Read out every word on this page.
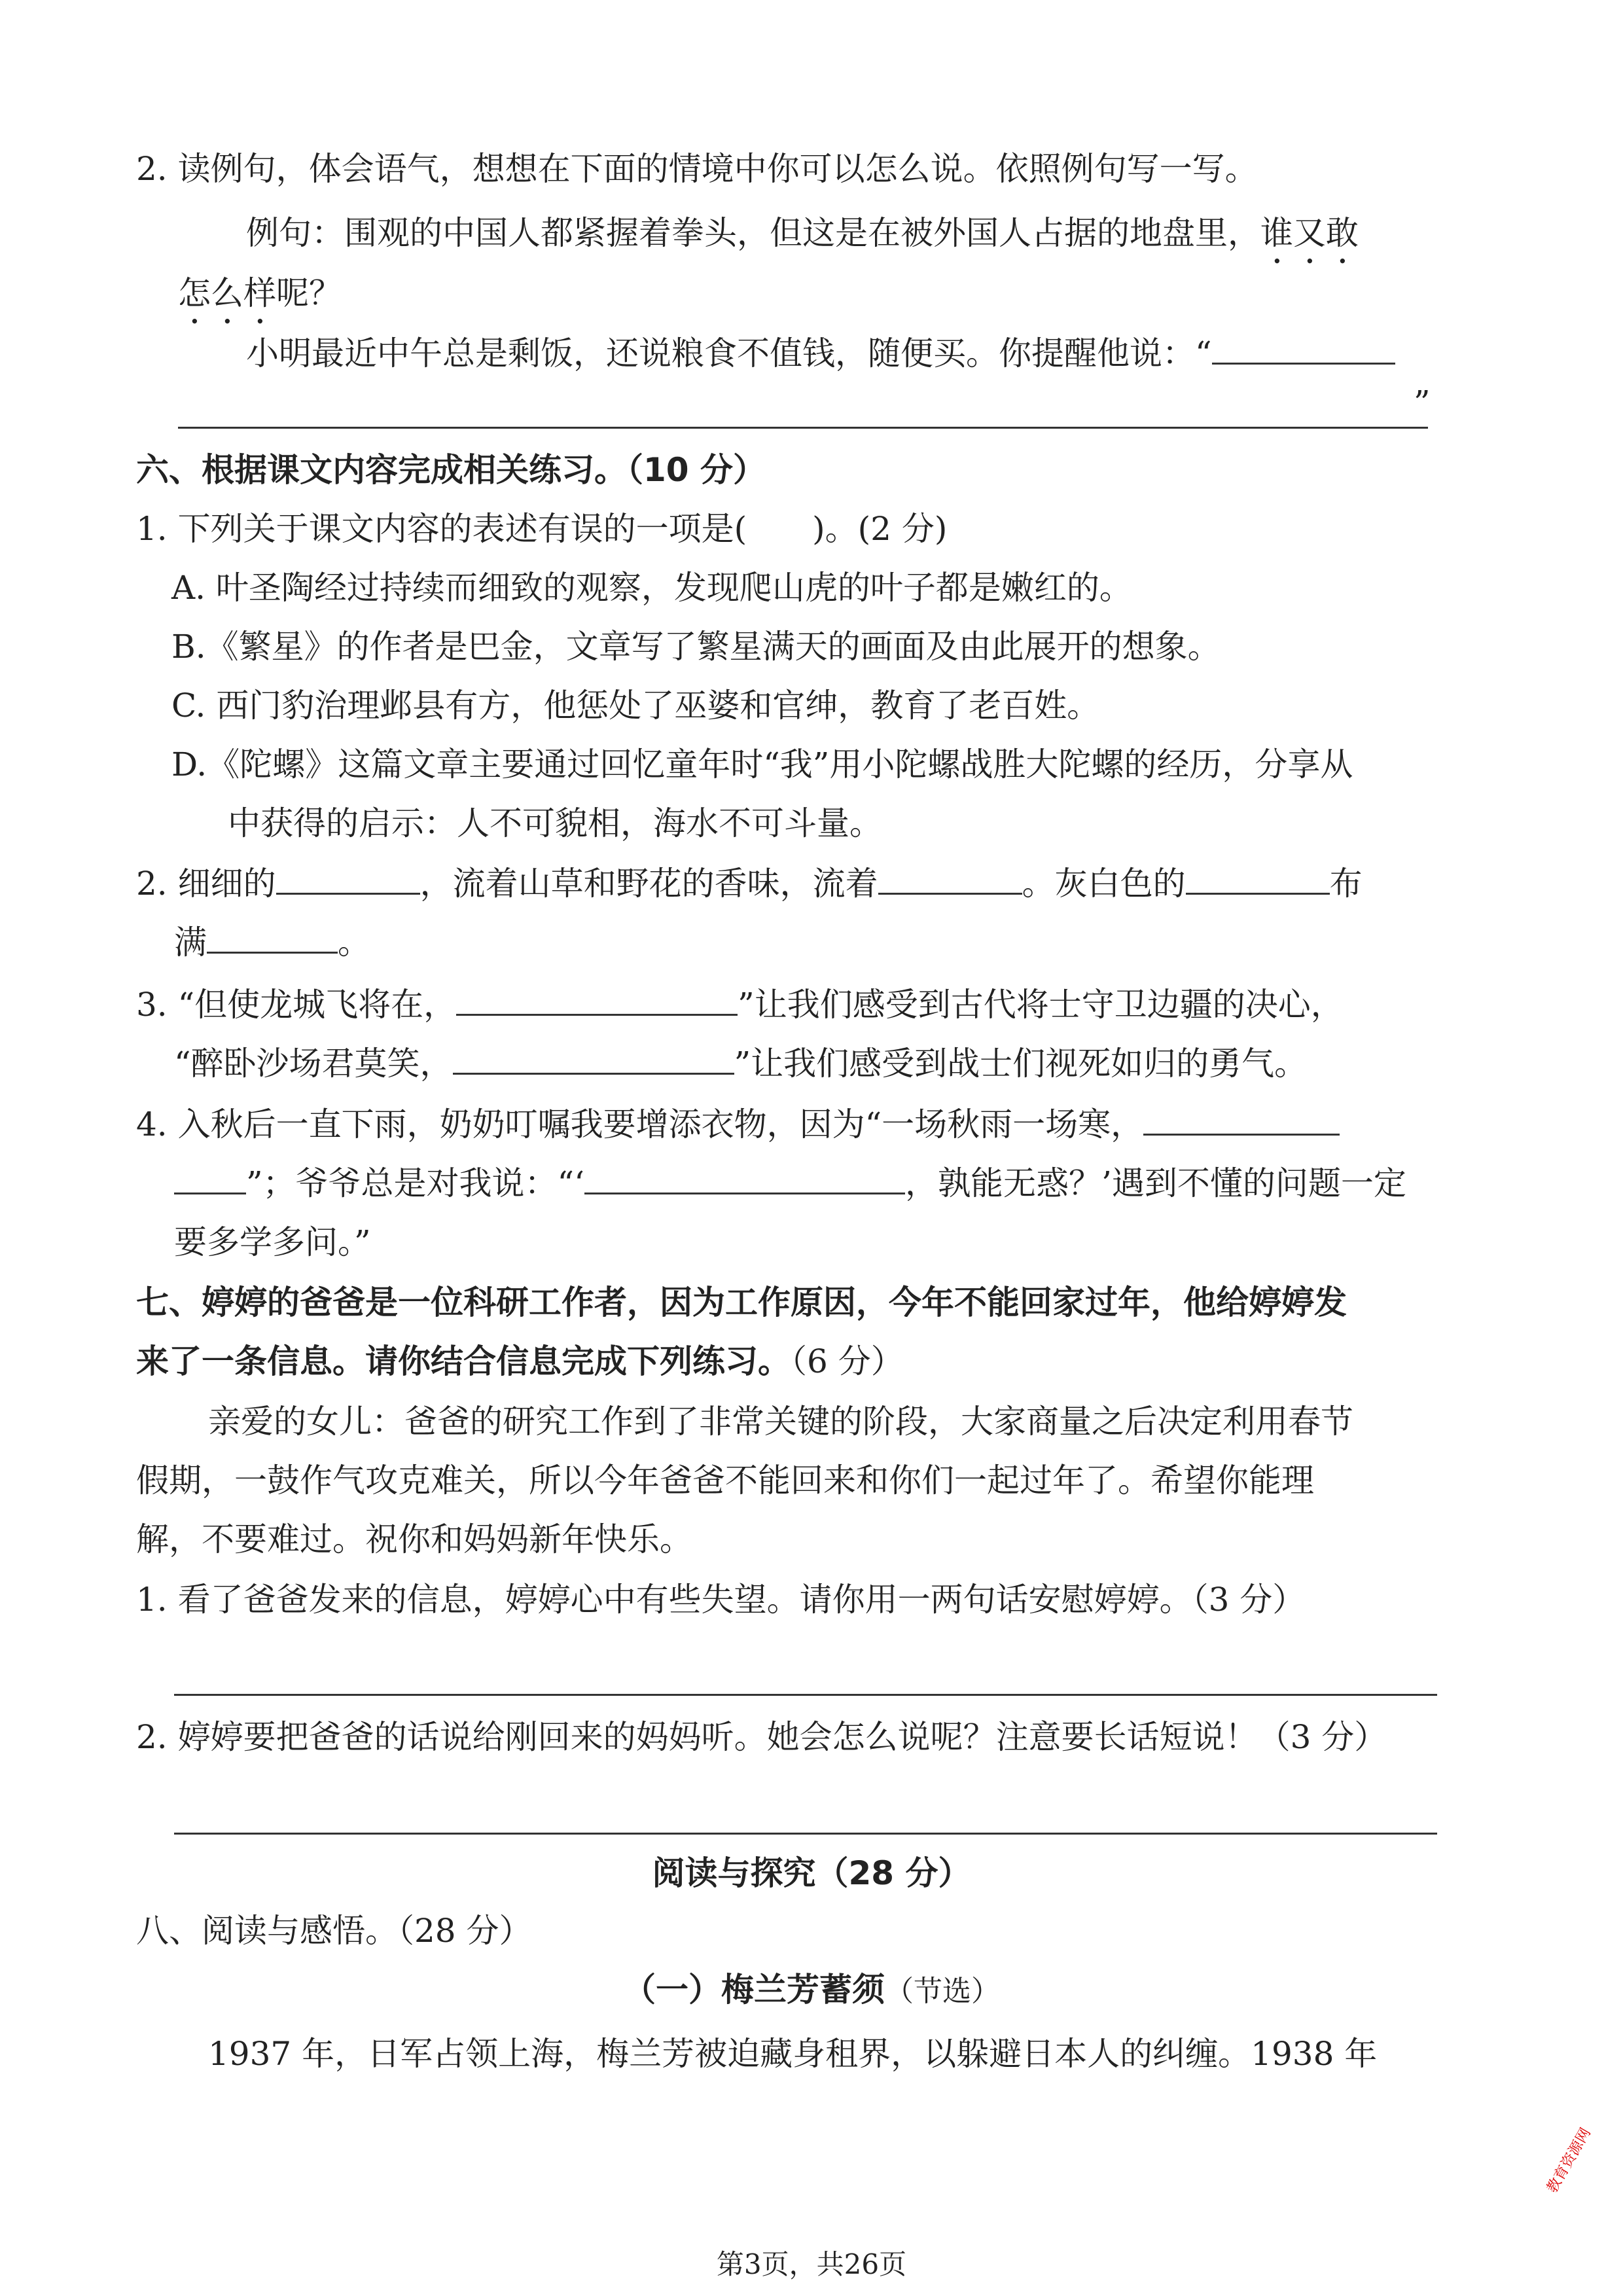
2. 读例句，体会语气，想想在下面的情境中你可以怎么说。依照例句写一写。
例句：围观的中国人都紧握着拳头，但这是在被外国人占据的地盘里，谁又敢
怎么样呢？
小明最近中午总是剩饭，还说粮食不值钱，随便买。你提醒他说：“
”
六、根据课文内容完成相关练习。（10 分）
1. 下列关于课文内容的表述有误的一项是(　　)。(2 分)
A. 叶圣陶经过持续而细致的观察，发现爬山虎的叶子都是嫩红的。
B.《繁星》的作者是巴金，文章写了繁星满天的画面及由此展开的想象。
C. 西门豹治理邺县有方，他惩处了巫婆和官绅，教育了老百姓。
D.《陀螺》这篇文章主要通过回忆童年时“我”用小陀螺战胜大陀螺的经历，分享从
中获得的启示：人不可貌相，海水不可斗量。
2. 细细的	，流着山草和野花的香味，流着	。灰白色的	布
满	。
3. “但使龙城飞将在，	”让我们感受到古代将士守卫边疆的决心，
“醉卧沙场君莫笑，	”让我们感受到战士们视死如归的勇气。
4. 入秋后一直下雨，奶奶叮嘱我要增添衣物，因为“一场秋雨一场寒，
”；爷爷总是对我说：“‘	，孰能无惑？’遇到不懂的问题一定
要多学多问。”
七、婷婷的爸爸是一位科研工作者，因为工作原因，今年不能回家过年，他给婷婷发
来了一条信息。请你结合信息完成下列练习。（6 分）
亲爱的女儿：爸爸的研究工作到了非常关键的阶段，大家商量之后决定利用春节
假期，一鼓作气攻克难关，所以今年爸爸不能回来和你们一起过年了。希望你能理
解，不要难过。祝你和妈妈新年快乐。
1. 看了爸爸发来的信息，婷婷心中有些失望。请你用一两句话安慰婷婷。（3 分）
2. 婷婷要把爸爸的话说给刚回来的妈妈听。她会怎么说呢？注意要长话短说！（3 分）
阅读与探究（28 分）
八、阅读与感悟。（28 分）
（一）梅兰芳蓄须（节选）
1937 年，日军占领上海，梅兰芳被迫藏身租界，以躲避日本人的纠缠。1938 年
第3页，共26页
教育资源网
